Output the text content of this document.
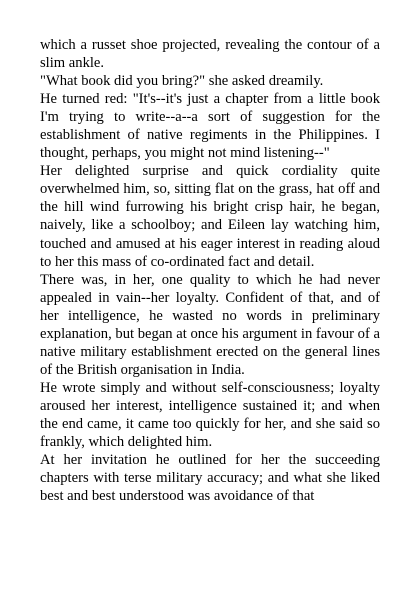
which a russet shoe projected, revealing the contour of a slim ankle.

"What book did you bring?" she asked dreamily.

He turned red: "It's--it's just a chapter from a little book I'm trying to write--a--a sort of suggestion for the establishment of native regiments in the Philippines. I thought, perhaps, you might not mind listening--"

Her delighted surprise and quick cordiality quite overwhelmed him, so, sitting flat on the grass, hat off and the hill wind furrowing his bright crisp hair, he began, naively, like a schoolboy; and Eileen lay watching him, touched and amused at his eager interest in reading aloud to her this mass of co-ordinated fact and detail.

There was, in her, one quality to which he had never appealed in vain--her loyalty. Confident of that, and of her intelligence, he wasted no words in preliminary explanation, but began at once his argument in favour of a native military establishment erected on the general lines of the British organisation in India.

He wrote simply and without self-consciousness; loyalty aroused her interest, intelligence sustained it; and when the end came, it came too quickly for her, and she said so frankly, which delighted him.

At her invitation he outlined for her the succeeding chapters with terse military accuracy; and what she liked best and best understood was avoidance of that
